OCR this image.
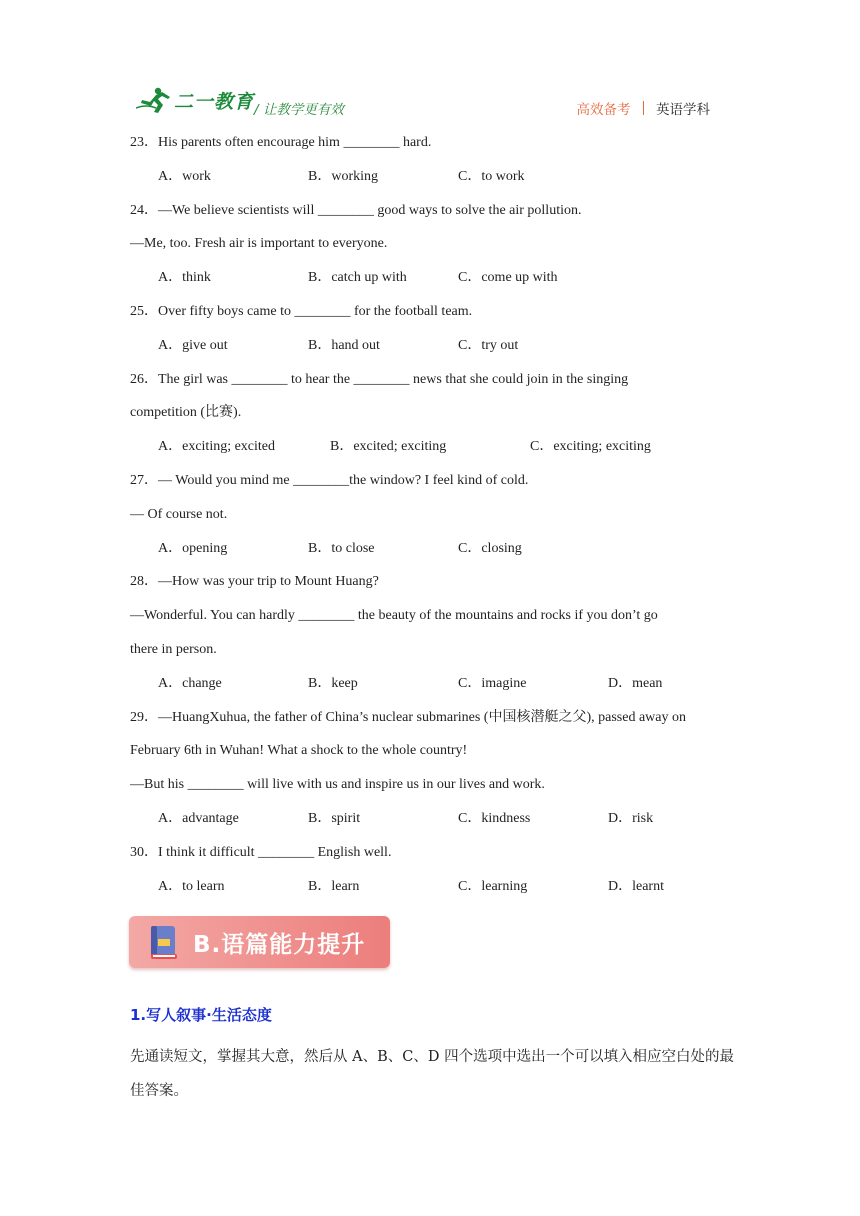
二一教育 / 让教学更有效	高效备考 英语学科
23．His parents often encourage him ________ hard.
A．work	B．working	C．to work
24．—We believe scientists will ________ good ways to solve the air pollution.
—Me, too. Fresh air is important to everyone.
A．think	B．catch up with	C．come up with
25．Over fifty boys came to ________ for the football team.
A．give out	B．hand out	C．try out
26．The girl was ________ to hear the ________ news that she could join in the singing
competition (比赛).
A．exciting; excited	B．excited; exciting	C．exciting; exciting
27．— Would you mind me ________the window? I feel kind of cold.
— Of course not.
A．opening	B．to close	C．closing
28．—How was your trip to Mount Huang?
—Wonderful. You can hardly ________ the beauty of the mountains and rocks if you don’t go
there in person.
A．change	B．keep	C．imagine	D．mean
29．—HuangXuhua, the father of China’s nuclear submarines (中国核潜艇之父), passed away on
February 6th in Wuhan! What a shock to the whole country!
—But his ________ will live with us and inspire us in our lives and work.
A．advantage	B．spirit	C．kindness	D．risk
30．I think it difficult ________ English well.
A．to learn	B．learn	C．learning	D．learnt
B.语篇能力提升
1.写人叙事·生活态度
先通读短文，掌握其大意，然后从 A、B、C、D 四个选项中选出一个可以填入相应空白处的最佳答案。
